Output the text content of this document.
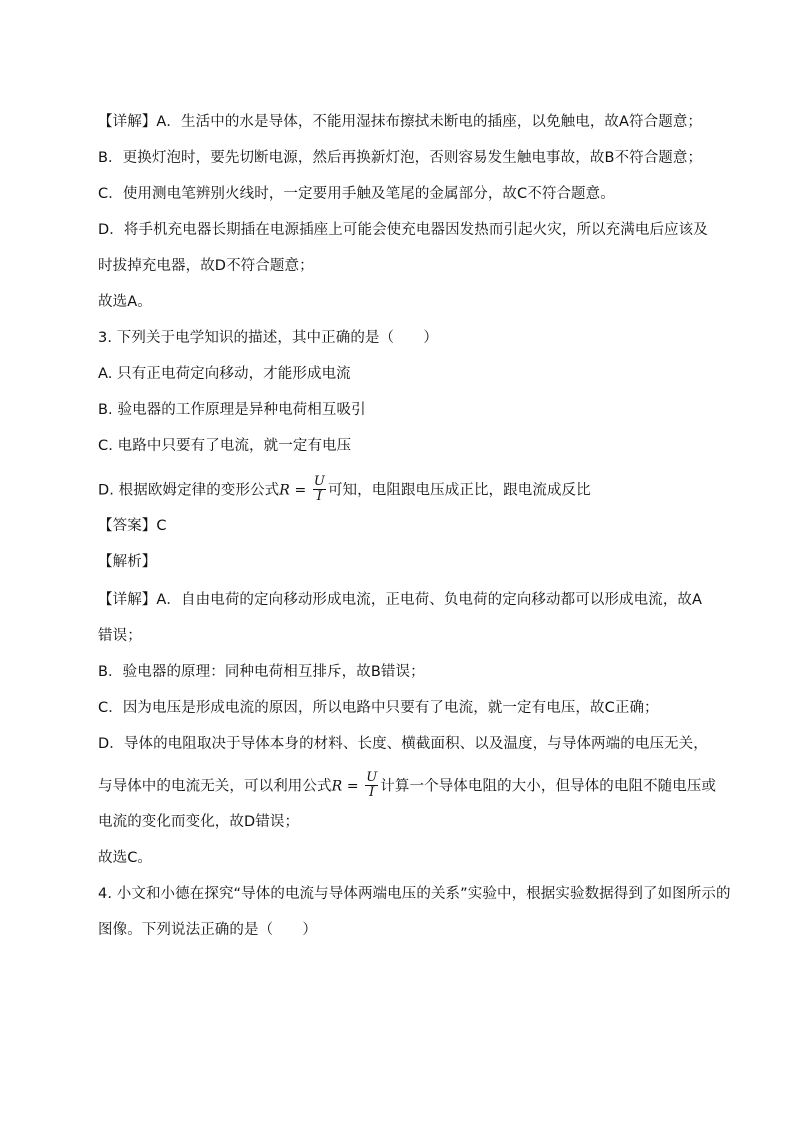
【详解】A．生活中的水是导体，不能用湿抹布擦拭未断电的插座，以免触电，故A符合题意；
B．更换灯泡时，要先切断电源，然后再换新灯泡，否则容易发生触电事故，故B不符合题意；
C．使用测电笔辨别火线时，一定要用手触及笔尾的金属部分，故C不符合题意。
D．将手机充电器长期插在电源插座上可能会使充电器因发热而引起火灾，所以充满电后应该及
时拔掉充电器，故D不符合题意；
故选A。
3. 下列关于电学知识的描述，其中正确的是（　　）
A. 只有正电荷定向移动，才能形成电流
B. 验电器的工作原理是异种电荷相互吸引
C. 电路中只要有了电流，就一定有电压
D. 根据欧姆定律的变形公式$R = \frac{U}{I}$ 可知，电阻跟电压成正比，跟电流成反比
【答案】C
【解析】
【详解】A．自由电荷的定向移动形成电流，正电荷、负电荷的定向移动都可以形成电流，故A
错误；
B．验电器的原理：同种电荷相互排斥，故B错误；
C．因为电压是形成电流的原因，所以电路中只要有了电流，就一定有电压，故C正确；
D．导体的电阻取决于导体本身的材料、长度、横截面积、以及温度，与导体两端的电压无关，
与导体中的电流无关，可以利用公式$R = \frac{U}{I}$ 计算一个导体电阻的大小，但导体的电阻不随电压或
电流的变化而变化，故D错误；
故选C。
4. 小文和小德在探究“导体的电流与导体两端电压的关系”实验中，根据实验数据得到了如图所示的
图像。下列说法正确的是（　　）
